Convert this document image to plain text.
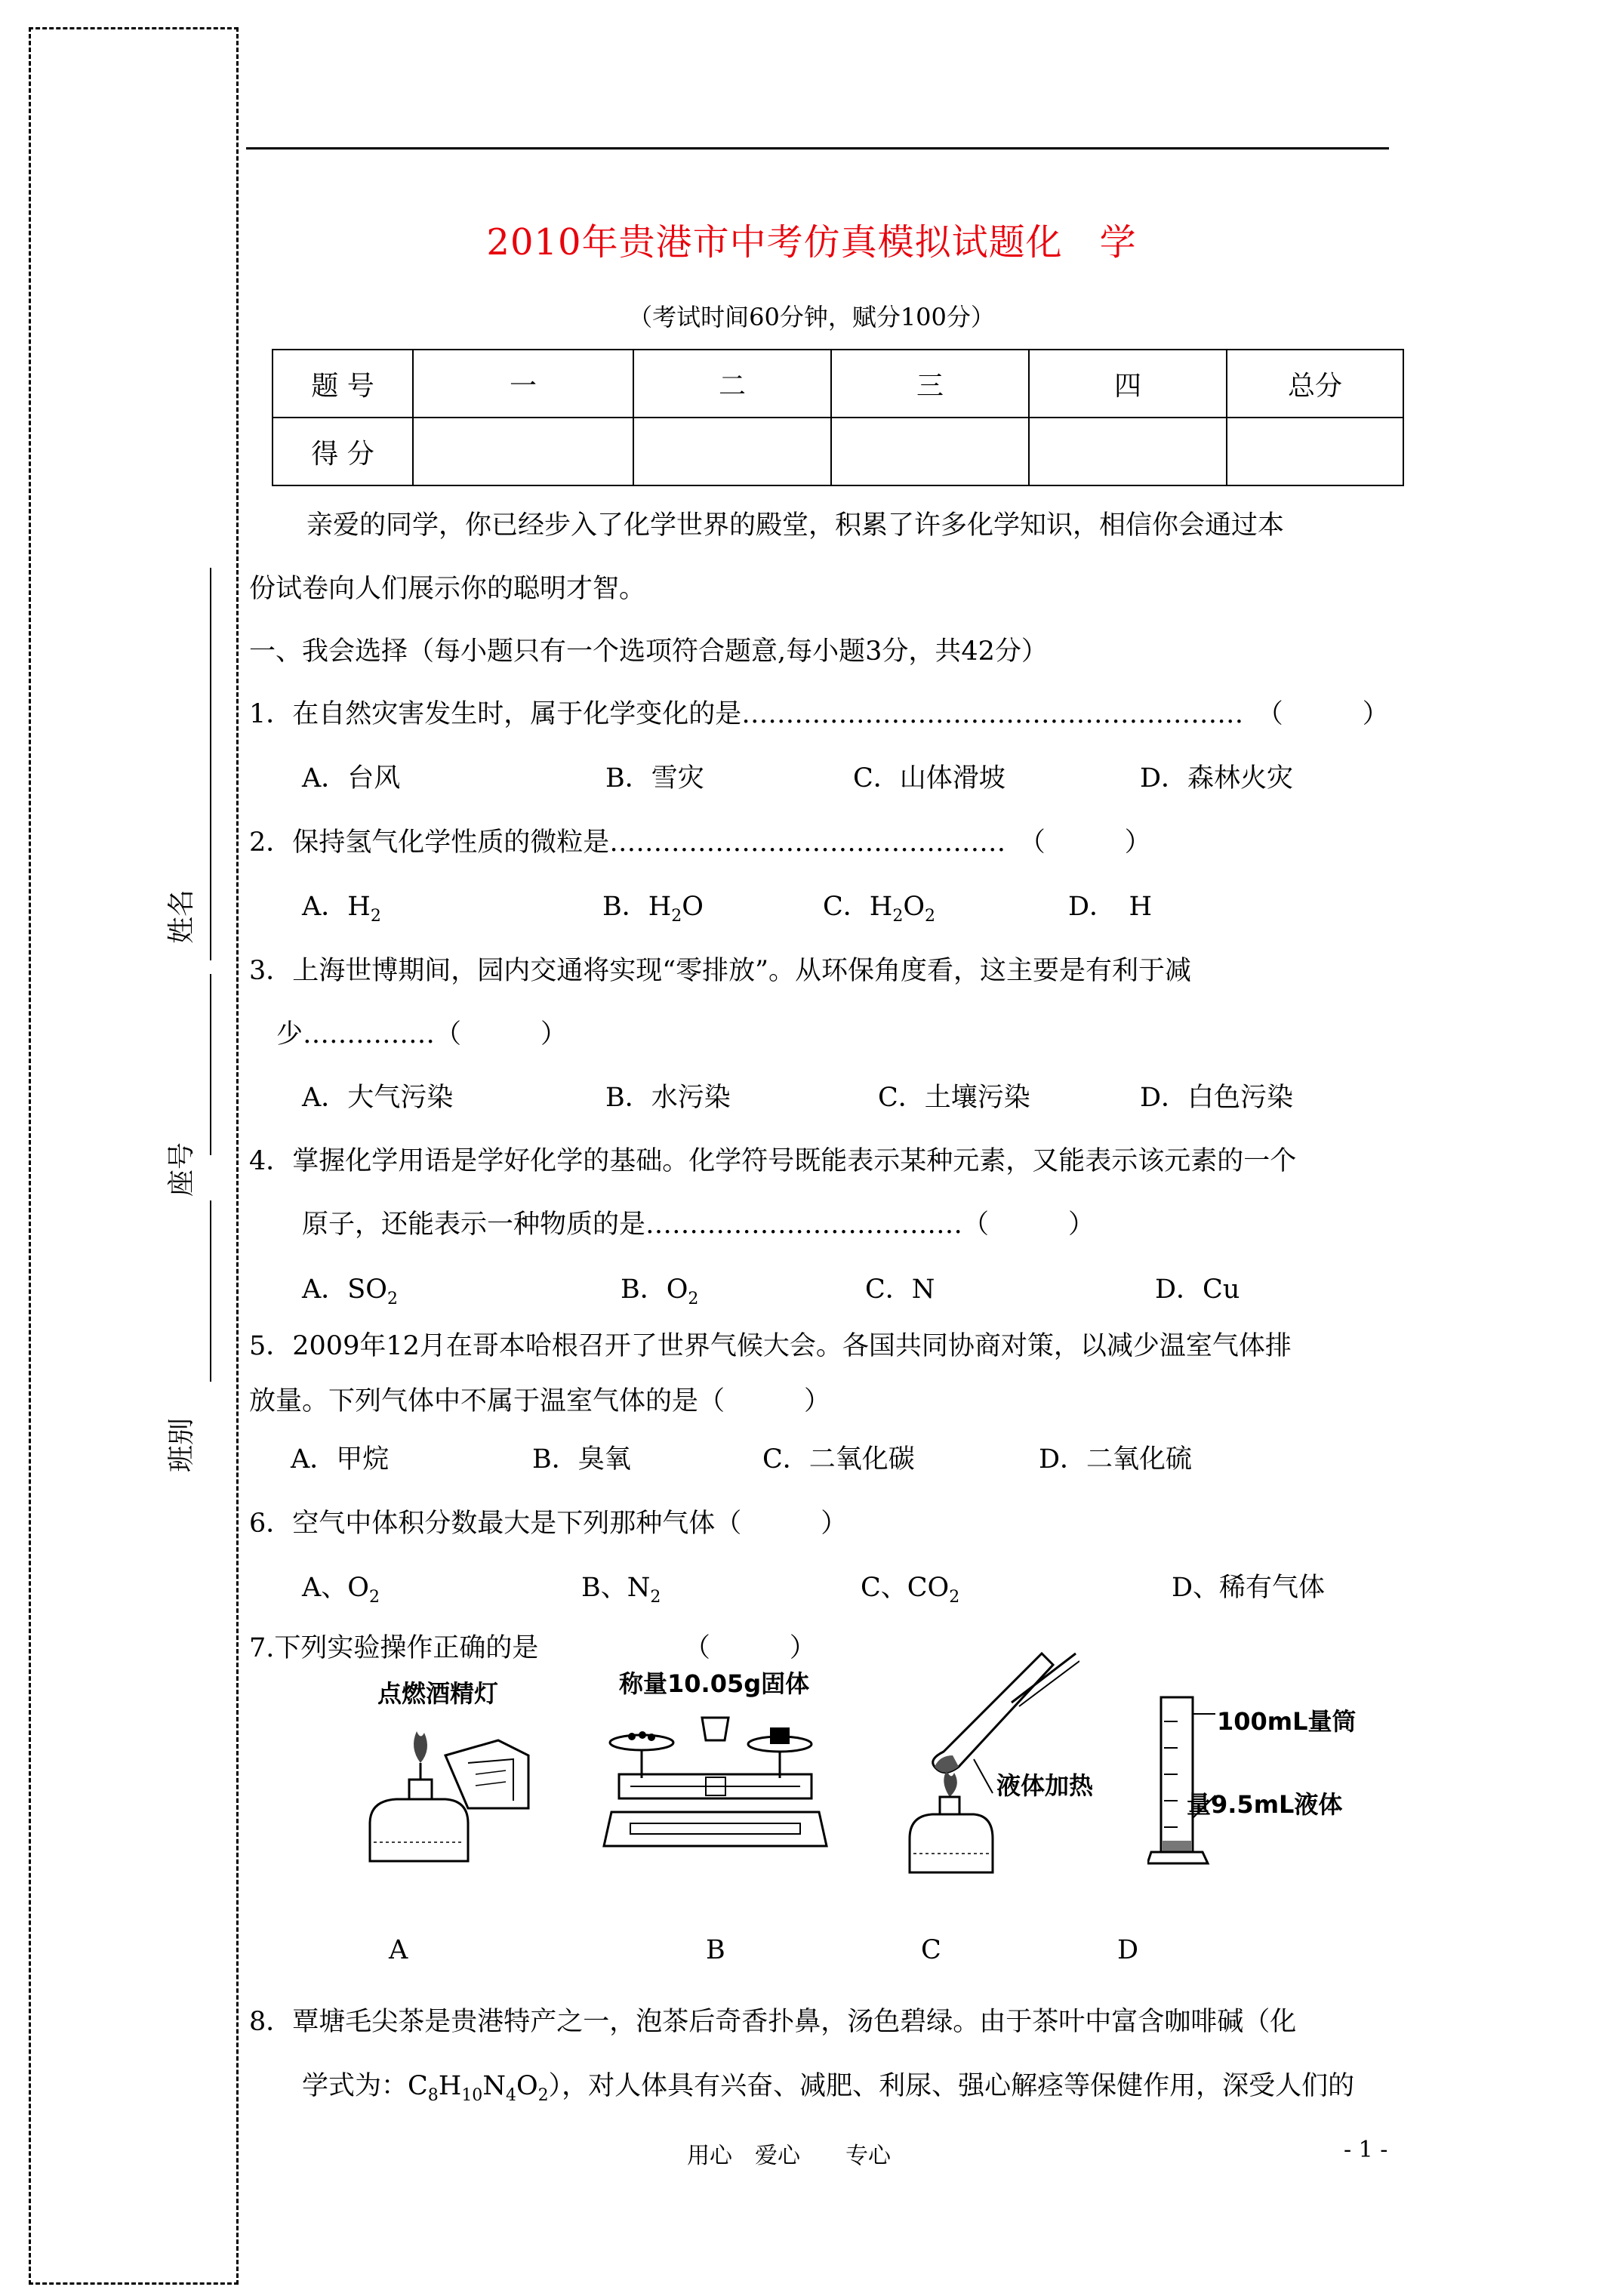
姓名
座号
班别
2010年贵港市中考仿真模拟试题化　学
（考试时间60分钟，赋分100分）
题 号	一	二	三	四	总分
得 分					
亲爱的同学，你已经步入了化学世界的殿堂，积累了许多化学知识，相信你会通过本
份试卷向人们展示你的聪明才智。
一、我会选择（每小题只有一个选项符合题意,每小题3分，共42分）
1．在自然灾害发生时，属于化学变化的是…………………………………………………　（　　　）
A．台风	B．雪灾	C．山体滑坡	D．森林火灾
2．保持氢气化学性质的微粒是………………………………………　（　　　）
A．$H_2$	B．$H_2O$	C．$H_2O_2$	D．　H
3．上海世博期间，园内交通将实现“零排放”。从环保角度看，这主要是有利于减
少……………（　　　）
A．大气污染	B．水污染	C．土壤污染	D．白色污染
4．掌握化学用语是学好化学的基础。化学符号既能表示某种元素，又能表示该元素的一个
原子，还能表示一种物质的是………………………………（　　　）
A．$SO_2$	B．$O_2$	C．N	D．Cu
5．2009年12月在哥本哈根召开了世界气候大会。各国共同协商对策，以减少温室气体排
放量。下列气体中不属于温室气体的是（　　　）
A．甲烷	B．臭氧	C．二氧化碳	D．二氧化硫
6．空气中体积分数最大是下列那种气体（　　　）
A、$O_2$	B、$N_2$	C、$CO_2$	D、稀有气体
7.下列实验操作正确的是　　　　　　（　　　）
点燃酒精灯	称量10.05g固体
液体加热
100mL量筒
量9.5mL液体
A	B	C	D
8．覃塘毛尖茶是贵港特产之一，泡茶后奇香扑鼻，汤色碧绿。由于茶叶中富含咖啡碱（化
学式为：$C_8H_{10}N_4O_2$），对人体具有兴奋、减肥、利尿、强心解痉等保健作用，深受人们的
用心　爱心　　专心	- 1 -
